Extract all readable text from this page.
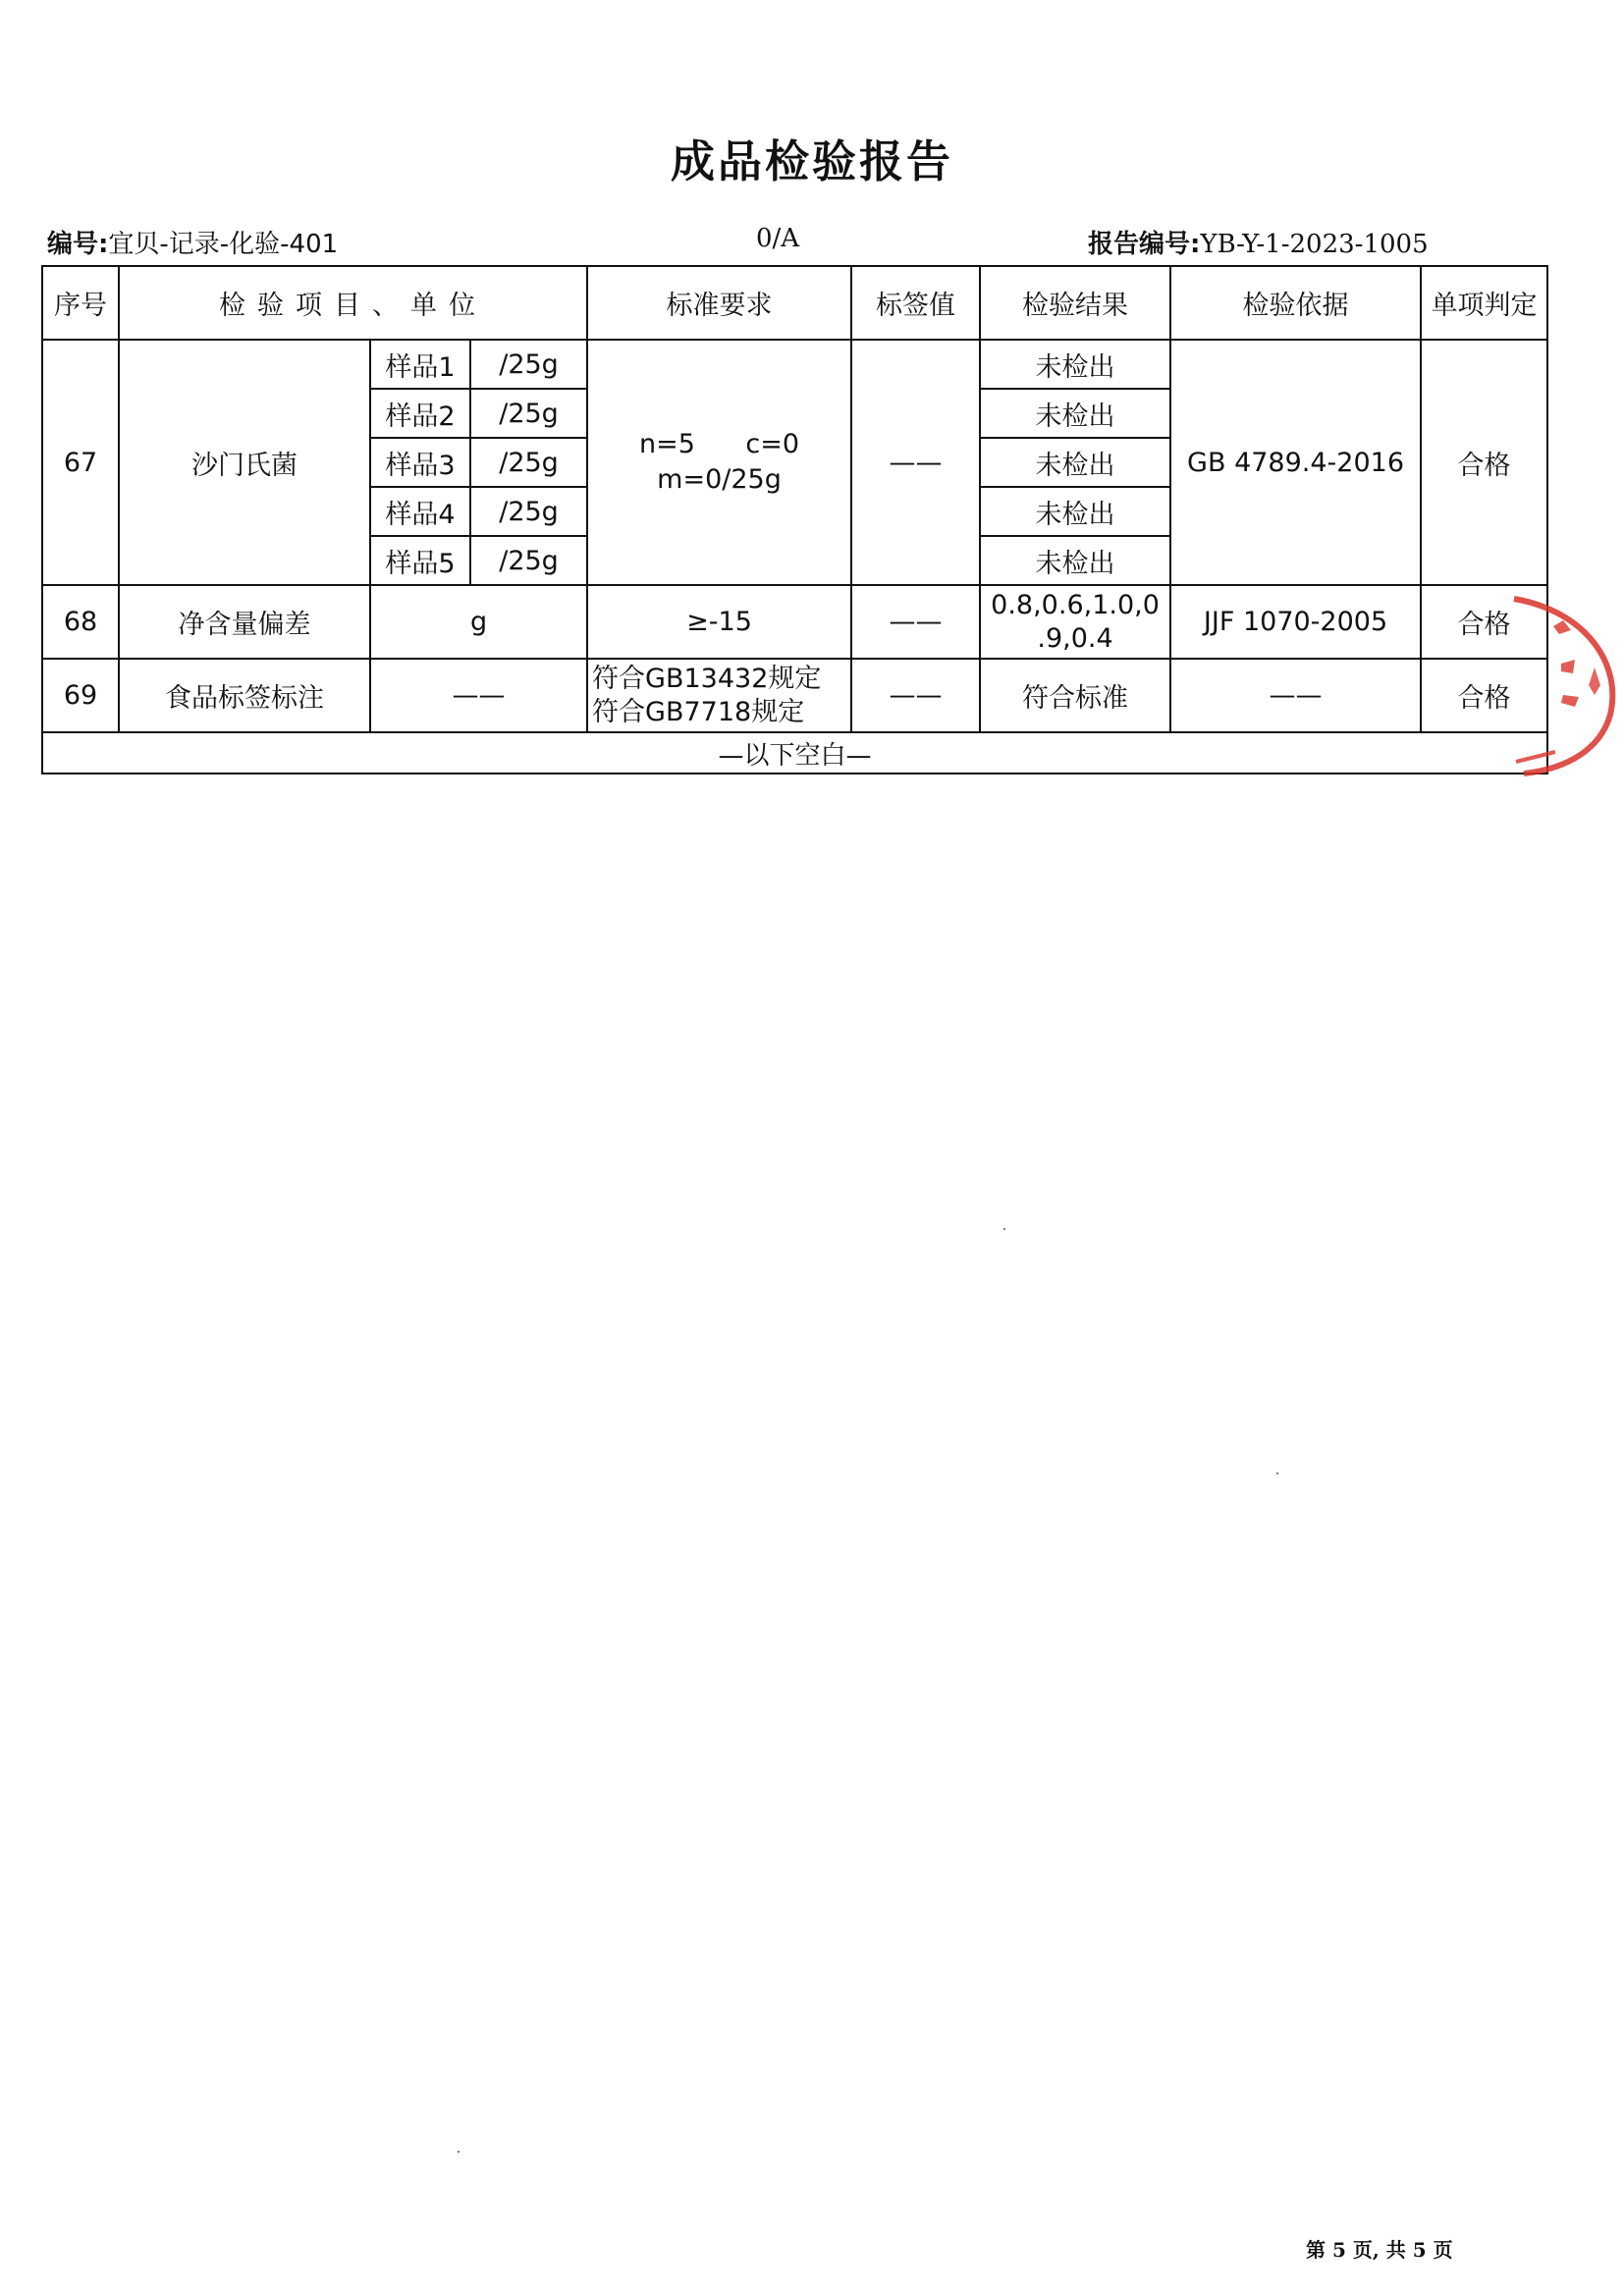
成品检验报告
编号:宜贝-记录-化验-401	0/A	报告编号:YB-Y-1-2023-1005
序号	检验项目、单位			标准要求	标签值	检验结果	检验依据	单项判定
67	沙门氏菌	样品1	/25g	n=5      c=0
m=0/25g	——	未检出	GB 4789.4-2016	合格
		样品2	/25g			未检出		
		样品3	/25g			未检出		
		样品4	/25g			未检出		
		样品5	/25g			未检出		
68	净含量偏差	g		≥-15	——	0.8,0.6,1.0,0
.9,0.4	JJF 1070-2005	合格
69	食品标签标注	——		符合GB13432规定
符合GB7718规定	——	符合标准	——	合格
—以下空白—								
第 5 页, 共 5 页
